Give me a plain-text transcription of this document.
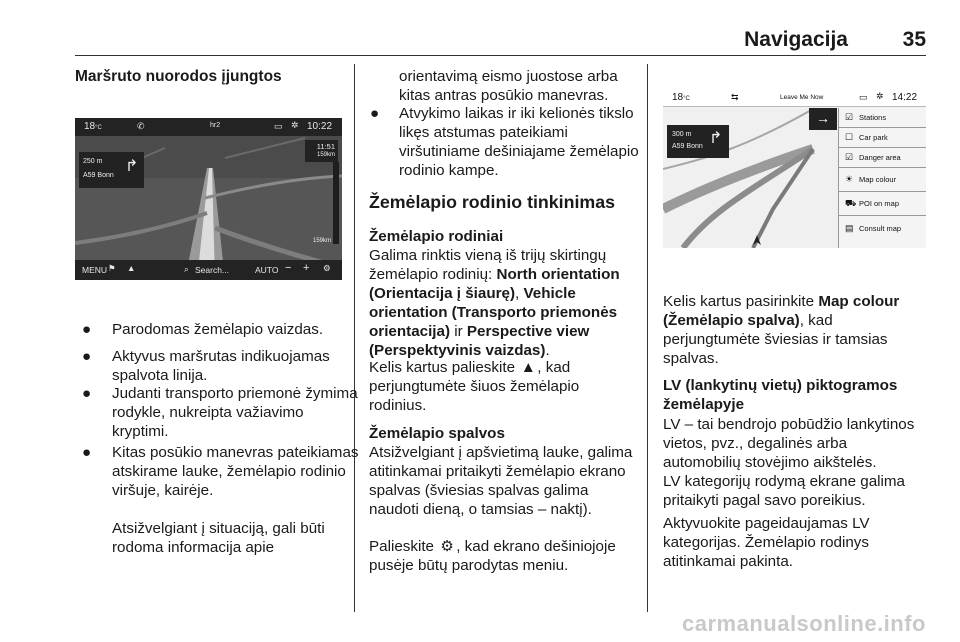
Navigacija	35
Maršruto nuorodos įjungtos
18°C	✆	hr2	▭ ✲ 10:22
250 m
A59 Bonn
↱
11:51
159km
159km
MENU ⚑ ▲	⌕ Search...	AUTO − + ⚙
● Parodomas žemėlapio vaizdas.
● Aktyvus maršrutas indikuojamas spalvota linija.
● Judanti transporto priemonė žymima rodykle, nukreipta važiavimo kryptimi.
● Kitas posūkio manevras pateikiamas atskirame lauke, žemėlapio rodinio viršuje, kairėje.
Atsižvelgiant į situaciją, gali būti rodoma informacija apie
orientavimą eismo juostose arba kitas antras posūkio manevras.
● Atvykimo laikas ir iki kelionės tikslo likęs atstumas pateikiami viršutiniame dešiniajame žemėlapio rodinio kampe.
Žemėlapio rodinio tinkinimas
Žemėlapio rodiniai
Galima rinktis vieną iš trijų skirtingų žemėlapio rodinių: North orientation (Orientacija į šiaurę), Vehicle orientation (Transporto priemonės orientacija) ir Perspective view (Perspektyvinis vaizdas).
Kelis kartus palieskite ▲, kad perjungtumėte šiuos žemėlapio rodinius.
Žemėlapio spalvos
Atsižvelgiant į apšvietimą lauke, galima atitinkamai pritaikyti žemėlapio ekrano spalvas (šviesias spalvas galima naudoti dieną, o tamsias – naktį).
Palieskite ⚙ , kad ekrano dešiniojoje pusėje būtų parodytas meniu.
18°C	⇆	Leave Me Now	▭ ✲ 14:22
300 m
A59 Bonn ↱
→	☑ Stations
☐ Car park
☑ Danger area
☀ Map colour
⛟ POI on map
▤ Consult map
Kelis kartus pasirinkite Map colour (Žemėlapio spalva), kad perjungtumėte šviesias ir tamsias spalvas.
LV (lankytinų vietų) piktogramos žemėlapyje
LV – tai bendrojo pobūdžio lankytinos vietos, pvz., degalinės arba automobilių stovėjimo aikštelės.
LV kategorijų rodymą ekrane galima pritaikyti pagal savo poreikius.
Aktyvuokite pageidaujamas LV kategorijas. Žemėlapio rodinys atitinkamai pakinta.
carmanualsonline.info
